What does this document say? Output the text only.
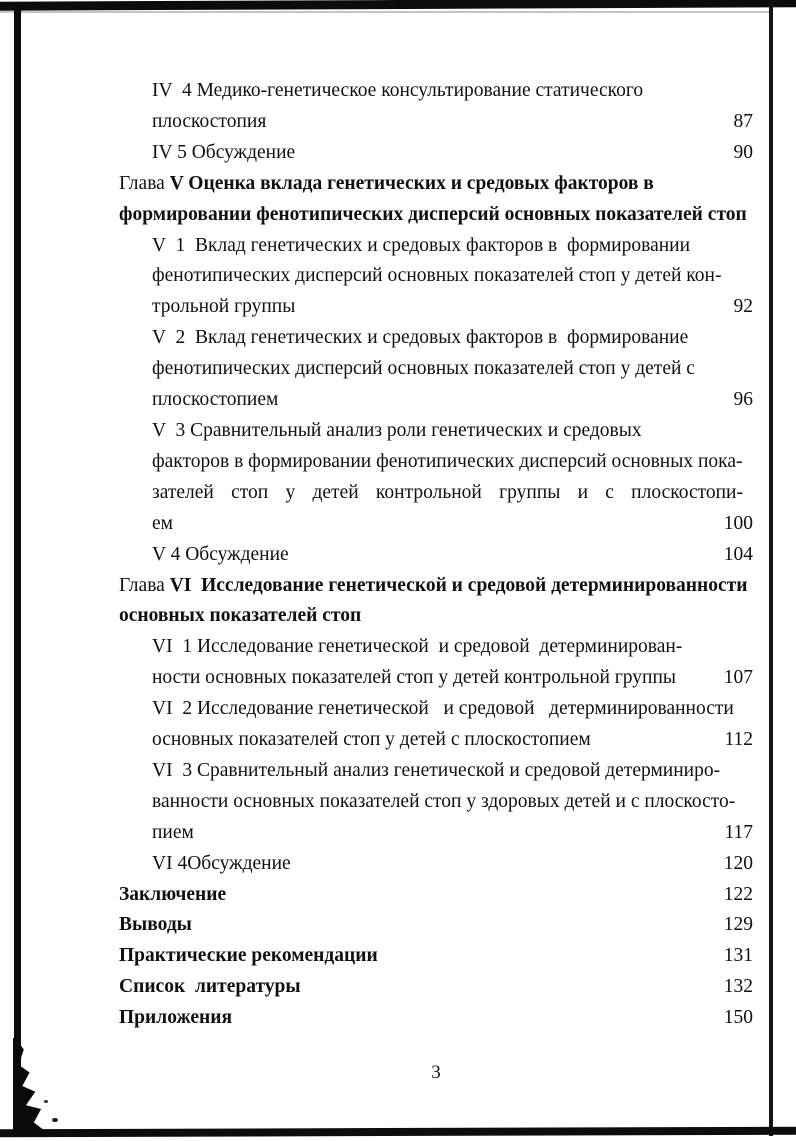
IV  4 Медико-генетическое консультирование статического
плоскостопия	87
IV 5 Обсуждение	90
Глава V Оценка вклада генетических и средовых факторов в
формировании фенотипических дисперсий основных показателей стоп
V  1  Вклад генетических и средовых факторов в  формировании
фенотипических дисперсий основных показателей стоп у детей кон-
трольной группы	92
V  2  Вклад генетических и средовых факторов в  формирование
фенотипических дисперсий основных показателей стоп у детей с
плоскостопием	96
V  3 Сравнительный анализ роли генетических и средовых
факторов в формировании фенотипических дисперсий основных пока-
зателей стоп у детей контрольной группы и с плоскостопи-
ем	100
V 4 Обсуждение	104
Глава VI  Исследование генетической и средовой детерминированности
основных показателей стоп
VI  1 Исследование генетической  и средовой  детерминирован-
ности основных показателей стоп у детей контрольной группы	107
VI  2 Исследование генетической   и средовой   детерминированности
основных показателей стоп у детей с плоскостопием	112
VI  3 Сравнительный анализ генетической и средовой детерминиро-
ванности основных показателей стоп у здоровых детей и с плоскосто-
пием	117
VI 4Обсуждение	120
Заключение	122
Выводы	129
Практические рекомендации	131
Список  литературы	132
Приложения	150
3
